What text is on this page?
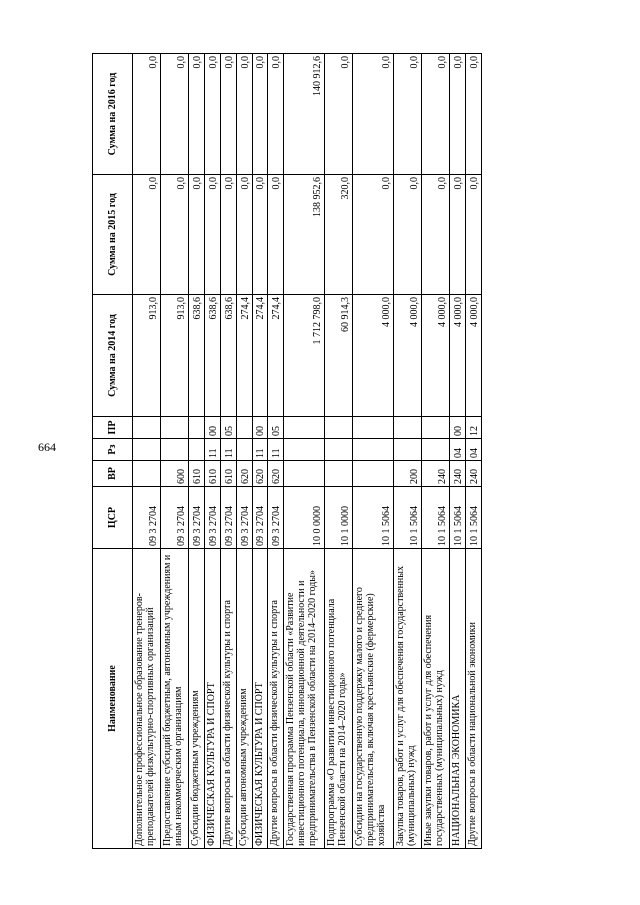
664
Наименование	ЦСР	ВР	Рз	ПР	Сумма на 2014 год	Сумма на 2015 год	Сумма на 2016 год
Дополнительное профессиональное образование тренеров-преподавателей физкультурно-спортивных организаций	09 3 2704				913,0	0,0	0,0
Предоставление субсидий бюджетным, автономным учреждениям и иным некоммерческим организациям	09 3 2704	600			913,0	0,0	0,0
Субсидии бюджетным учреждениям	09 3 2704	610			638,6	0,0	0,0
ФИЗИЧЕСКАЯ КУЛЬТУРА И СПОРТ	09 3 2704	610	11	00	638,6	0,0	0,0
Другие вопросы в области физической культуры и спорта	09 3 2704	610	11	05	638,6	0,0	0,0
Субсидии автономным учреждениям	09 3 2704	620			274,4	0,0	0,0
ФИЗИЧЕСКАЯ КУЛЬТУРА И СПОРТ	09 3 2704	620	11	00	274,4	0,0	0,0
Другие вопросы в области физической культуры и спорта	09 3 2704	620	11	05	274,4	0,0	0,0
Государственная программа Пензенской области «Развитие инвестиционного потенциала, инновационной деятельности и предпринимательства в Пензенской области на 2014–2020 годы»	10 0 0000				1 712 798,0	138 952,6	140 912,6
Подпрограмма «О развитии инвестиционного потенциала Пензенской области на 2014–2020 годы»	10 1 0000				60 914,3	320,0	0,0
Субсидии на государственную поддержку малого и среднего предпринимательства, включая крестьянские (фермерские) хозяйства	10 1 5064				4 000,0	0,0	0,0
Закупка товаров, работ и услуг для обеспечения государственных (муниципальных) нужд	10 1 5064	200			4 000,0	0,0	0,0
Иные закупки товаров, работ и услуг для обеспечения государственных (муниципальных) нужд	10 1 5064	240			4 000,0	0,0	0,0
НАЦИОНАЛЬНАЯ ЭКОНОМИКА	10 1 5064	240	04	00	4 000,0	0,0	0,0
Другие вопросы в области национальной экономики	10 1 5064	240	04	12	4 000,0	0,0	0,0
